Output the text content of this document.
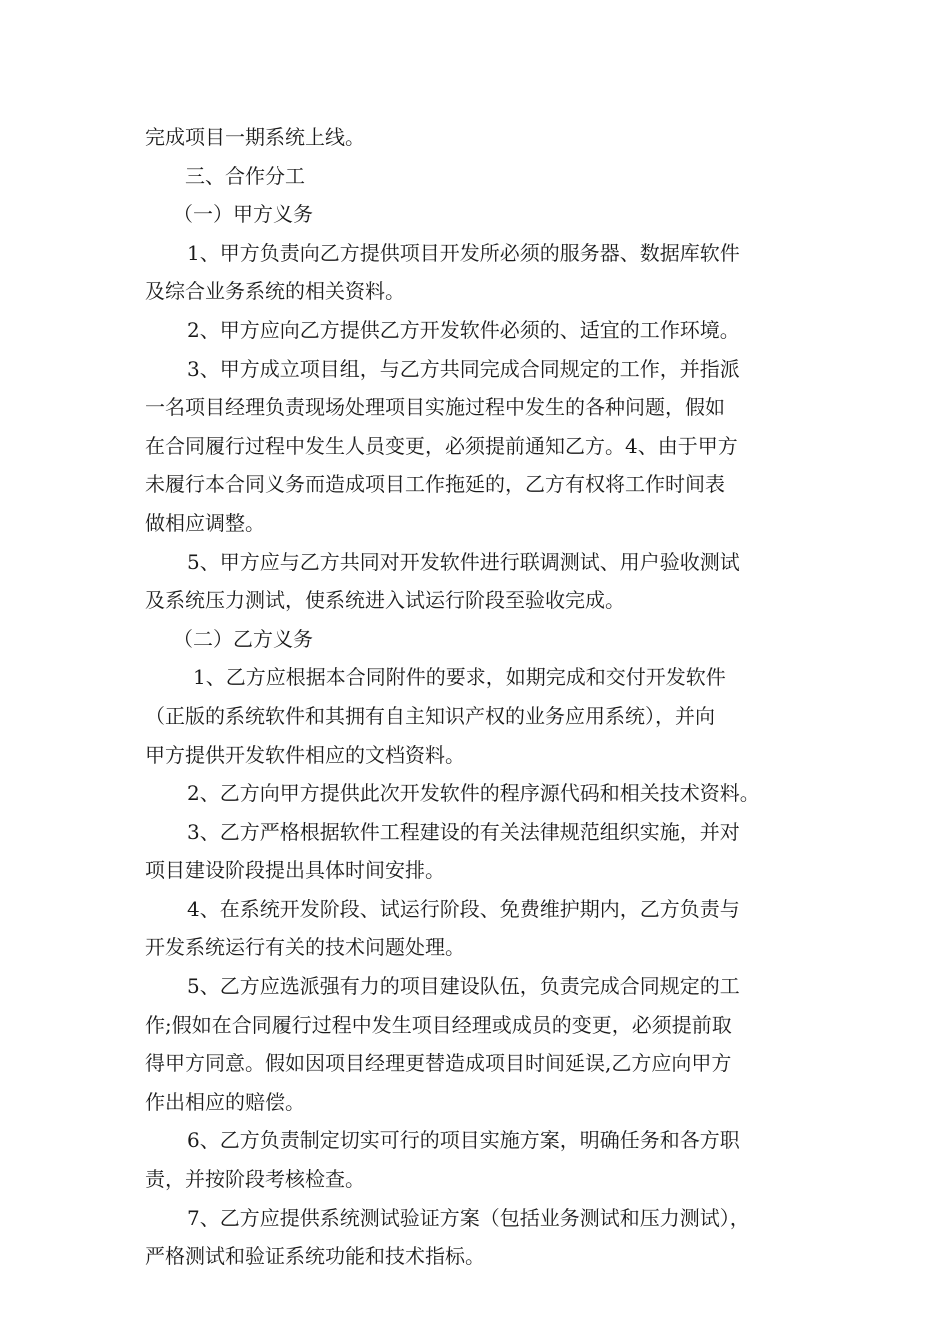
完成项目一期系统上线。
三、合作分工
（一）甲方义务
1、甲方负责向乙方提供项目开发所必须的服务器、数据库软件
及综合业务系统的相关资料。
2、甲方应向乙方提供乙方开发软件必须的、适宜的工作环境。
3、甲方成立项目组，与乙方共同完成合同规定的工作，并指派
一名项目经理负责现场处理项目实施过程中发生的各种问题，假如
在合同履行过程中发生人员变更，必须提前通知乙方。4、由于甲方
未履行本合同义务而造成项目工作拖延的，乙方有权将工作时间表
做相应调整。
5、甲方应与乙方共同对开发软件进行联调测试、用户验收测试
及系统压力测试，使系统进入试运行阶段至验收完成。
（二）乙方义务
1、乙方应根据本合同附件的要求，如期完成和交付开发软件
（正版的系统软件和其拥有自主知识产权的业务应用系统），并向
甲方提供开发软件相应的文档资料。
2、乙方向甲方提供此次开发软件的程序源代码和相关技术资料。
3、乙方严格根据软件工程建设的有关法律规范组织实施，并对
项目建设阶段提出具体时间安排。
4、在系统开发阶段、试运行阶段、免费维护期内，乙方负责与
开发系统运行有关的技术问题处理。
5、乙方应选派强有力的项目建设队伍，负责完成合同规定的工
作;假如在合同履行过程中发生项目经理或成员的变更，必须提前取
得甲方同意。假如因项目经理更替造成项目时间延误,乙方应向甲方
作出相应的赔偿。
6、乙方负责制定切实可行的项目实施方案，明确任务和各方职
责，并按阶段考核检查。
7、乙方应提供系统测试验证方案（包括业务测试和压力测试），
严格测试和验证系统功能和技术指标。
